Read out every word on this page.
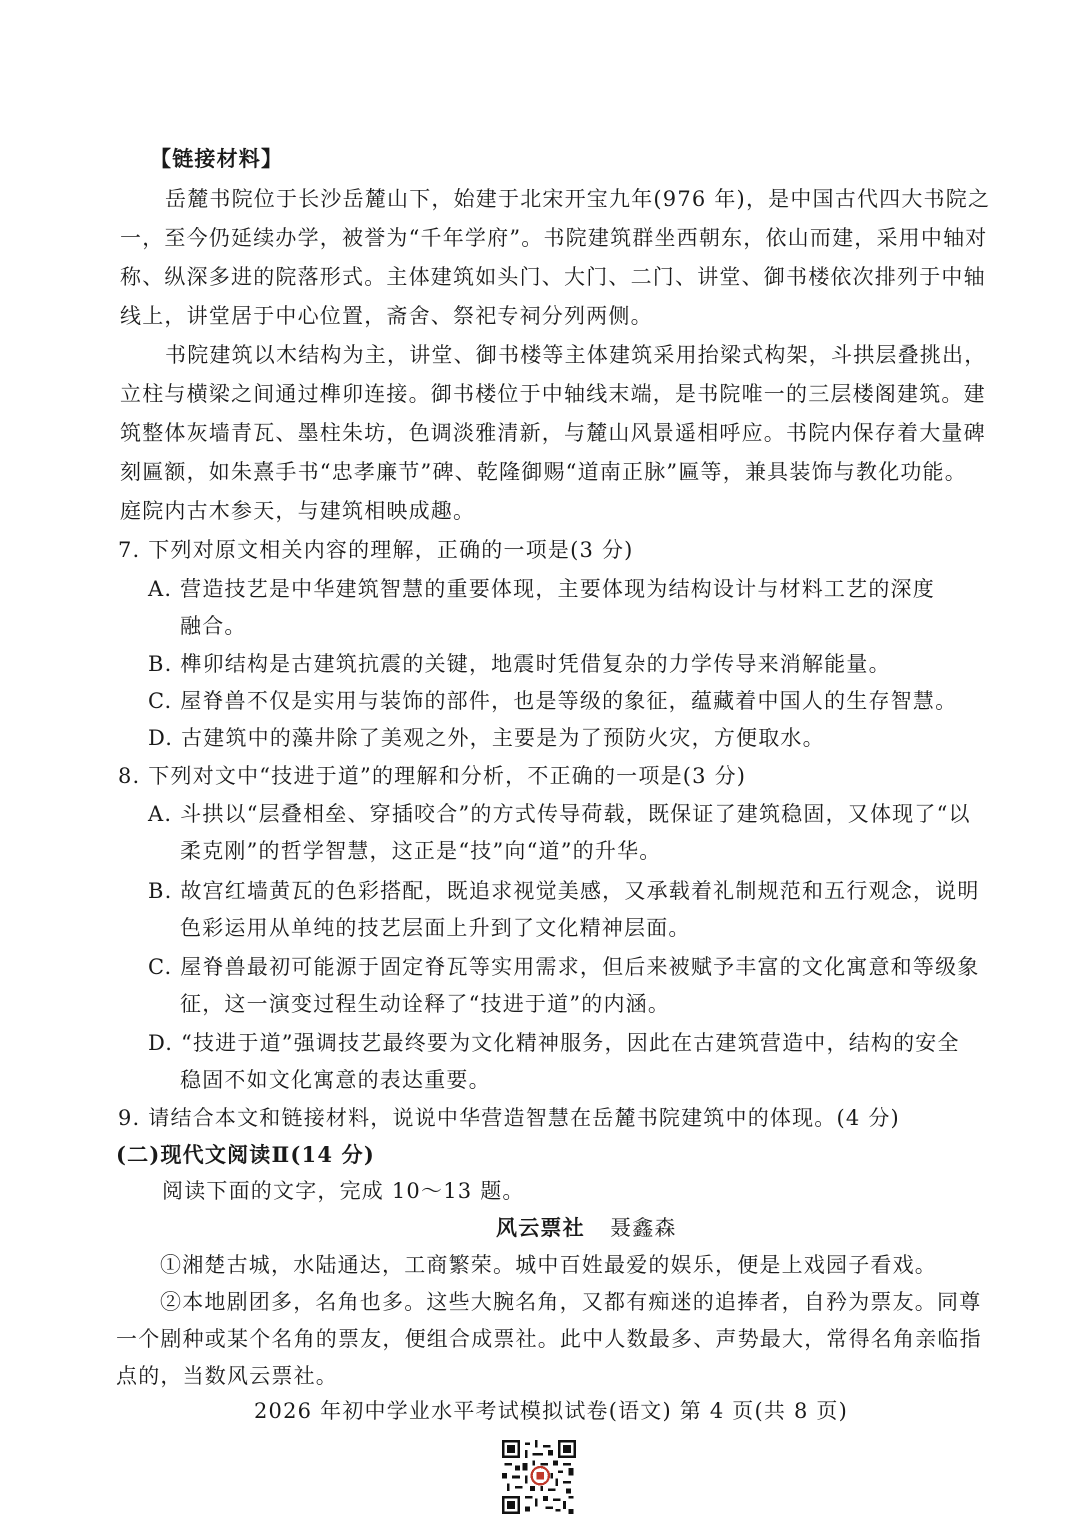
【链接材料】
岳麓书院位于长沙岳麓山下，始建于北宋开宝九年(976 年)，是中国古代四大书院之
一，至今仍延续办学，被誉为“千年学府”。书院建筑群坐西朝东，依山而建，采用中轴对
称、纵深多进的院落形式。主体建筑如头门、大门、二门、讲堂、御书楼依次排列于中轴
线上，讲堂居于中心位置，斋舍、祭祀专祠分列两侧。
书院建筑以木结构为主，讲堂、御书楼等主体建筑采用抬梁式构架，斗拱层叠挑出，
立柱与横梁之间通过榫卯连接。御书楼位于中轴线末端，是书院唯一的三层楼阁建筑。建
筑整体灰墙青瓦、墨柱朱坊，色调淡雅清新，与麓山风景遥相呼应。书院内保存着大量碑
刻匾额，如朱熹手书“忠孝廉节”碑、乾隆御赐“道南正脉”匾等，兼具装饰与教化功能。
庭院内古木参天，与建筑相映成趣。
7. 下列对原文相关内容的理解，正确的一项是(3 分)
A. 营造技艺是中华建筑智慧的重要体现，主要体现为结构设计与材料工艺的深度
融合。
B. 榫卯结构是古建筑抗震的关键，地震时凭借复杂的力学传导来消解能量。
C. 屋脊兽不仅是实用与装饰的部件，也是等级的象征，蕴藏着中国人的生存智慧。
D. 古建筑中的藻井除了美观之外，主要是为了预防火灾，方便取水。
8. 下列对文中“技进于道”的理解和分析，不正确的一项是(3 分)
A. 斗拱以“层叠相垒、穿插咬合”的方式传导荷载，既保证了建筑稳固，又体现了“以
柔克刚”的哲学智慧，这正是“技”向“道”的升华。
B. 故宫红墙黄瓦的色彩搭配，既追求视觉美感，又承载着礼制规范和五行观念，说明
色彩运用从单纯的技艺层面上升到了文化精神层面。
C. 屋脊兽最初可能源于固定脊瓦等实用需求，但后来被赋予丰富的文化寓意和等级象
征，这一演变过程生动诠释了“技进于道”的内涵。
D. “技进于道”强调技艺最终要为文化精神服务，因此在古建筑营造中，结构的安全
稳固不如文化寓意的表达重要。
9. 请结合本文和链接材料，说说中华营造智慧在岳麓书院建筑中的体现。(4 分)
(二)现代文阅读Ⅱ(14 分)
阅读下面的文字，完成 10～13 题。
风云票社 聂鑫森
①湘楚古城，水陆通达，工商繁荣。城中百姓最爱的娱乐，便是上戏园子看戏。
②本地剧团多，名角也多。这些大腕名角，又都有痴迷的追捧者，自矜为票友。同尊
一个剧种或某个名角的票友，便组合成票社。此中人数最多、声势最大，常得名角亲临指
点的，当数风云票社。
2026 年初中学业水平考试模拟试卷(语文) 第 4 页(共 8 页)
